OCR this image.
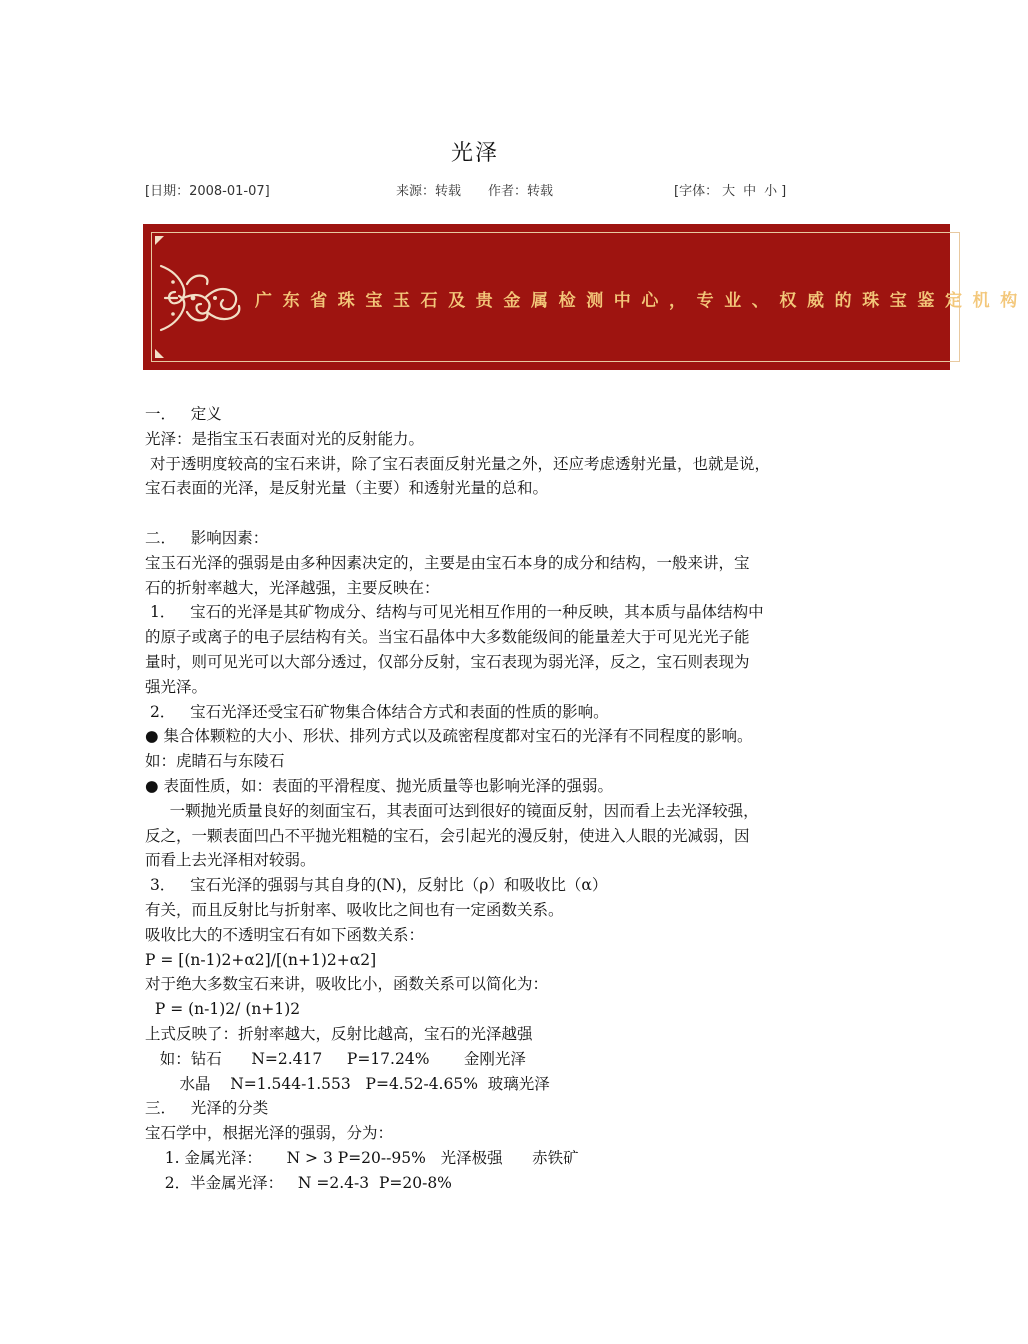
光泽
[日期：2008-01-07]	来源：转载 作者：转载	[字体： 大 中 小 ]
广东省珠宝玉石及贵金属检测中心，专业、权威的珠宝鉴定机构

一．   定义

光泽：是指宝玉石表面对光的反射能力。

对于透明度较高的宝石来讲，除了宝石表面反射光量之外，还应考虑透射光量，也就是说，

宝石表面的光泽，是反射光量（主要）和透射光量的总和。

二．   影响因素：

宝玉石光泽的强弱是由多种因素决定的，主要是由宝石本身的成分和结构，一般来讲，宝

石的折射率越大，光泽越强，主要反映在：

1．   宝石的光泽是其矿物成分、结构与可见光相互作用的一种反映，其本质与晶体结构中

的原子或离子的电子层结构有关。当宝石晶体中大多数能级间的能量差大于可见光光子能

量时，则可见光可以大部分透过，仅部分反射，宝石表现为弱光泽，反之，宝石则表现为

强光泽。

2．   宝石光泽还受宝石矿物集合体结合方式和表面的性质的影响。

● 集合体颗粒的大小、形状、排列方式以及疏密程度都对宝石的光泽有不同程度的影响。

如：虎睛石与东陵石

● 表面性质，如：表面的平滑程度、抛光质量等也影响光泽的强弱。

一颗抛光质量良好的刻面宝石，其表面可达到很好的镜面反射，因而看上去光泽较强，

反之，一颗表面凹凸不平抛光粗糙的宝石，会引起光的漫反射，使进入人眼的光减弱，因

而看上去光泽相对较弱。

3．   宝石光泽的强弱与其自身的(N)，反射比（ρ）和吸收比（α）

有关，而且反射比与折射率、吸收比之间也有一定函数关系。

吸收比大的不透明宝石有如下函数关系：

P = [(n-1)2+α2]/[(n+1)2+α2]

对于绝大多数宝石来讲，吸收比小，函数关系可以简化为：

P = (n-1)2/ (n+1)2

上式反映了：折射率越大，反射比越高，宝石的光泽越强

如：钻石      N=2.417     P=17.24%       金刚光泽

水晶    N=1.544-1.553   P=4.52-4.65%  玻璃光泽

三．   光泽的分类

宝石学中，根据光泽的强弱，分为：

1. 金属光泽：     N > 3 P=20--95%   光泽极强      赤铁矿

2．半金属光泽：   N =2.4-3  P=20-8%
